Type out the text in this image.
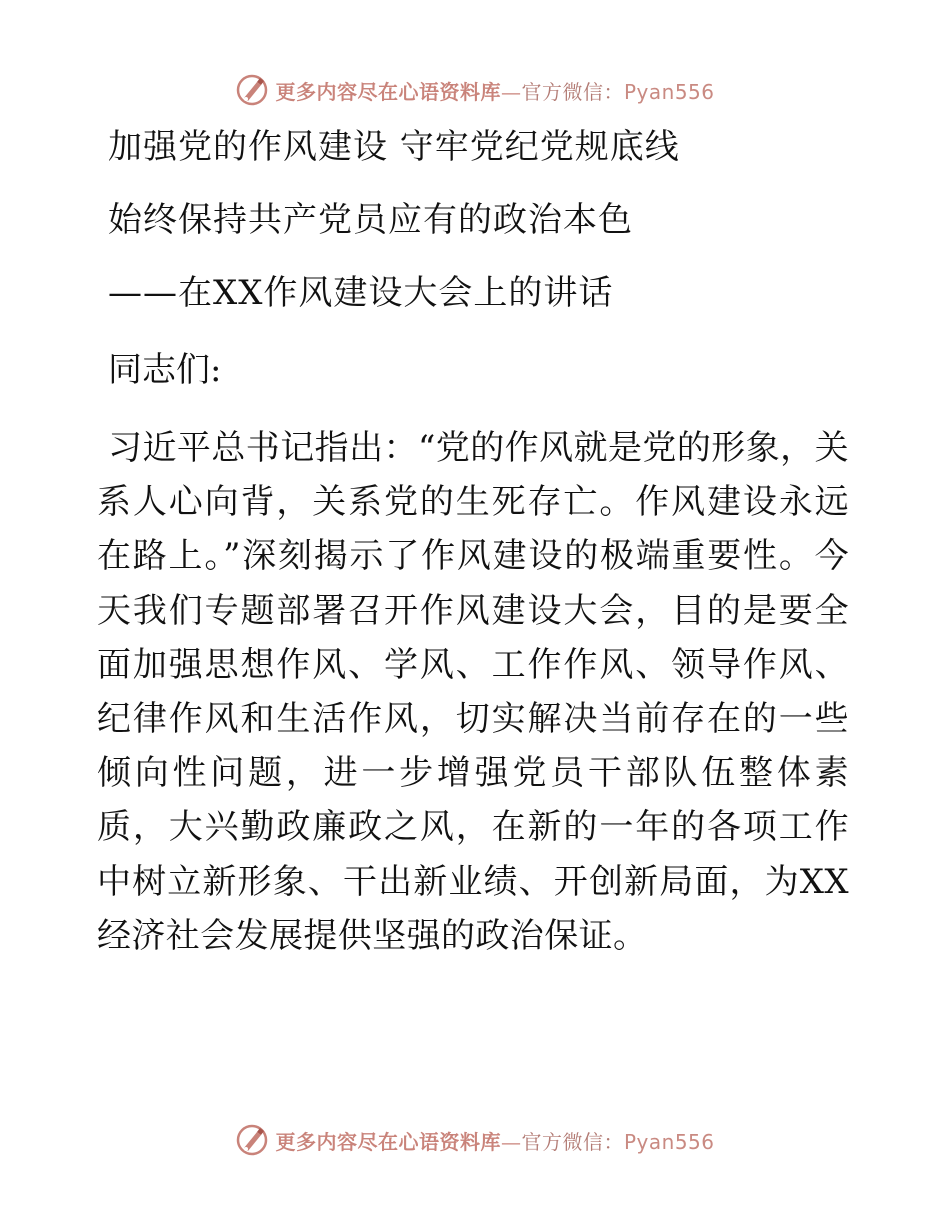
更多内容尽在心语资料库—官方微信：Pyan556
加强党的作风建设 守牢党纪党规底线
始终保持共产党员应有的政治本色
——在XX作风建设大会上的讲话
同志们:

习近平总书记指出：“党的作风就是党的形象，关系人心向背，关系党的生死存亡。作风建设永远在路上。”深刻揭示了作风建设的极端重要性。今天我们专题部署召开作风建设大会，目的是要全面加强思想作风、学风、工作作风、领导作风、纪律作风和生活作风，切实解决当前存在的一些倾向性问题，进一步增强党员干部队伍整体素质，大兴勤政廉政之风，在新的一年的各项工作中树立新形象、干出新业绩、开创新局面，为XX经济社会发展提供坚强的政治保证。

更多内容尽在心语资料库—官方微信：Pyan556
